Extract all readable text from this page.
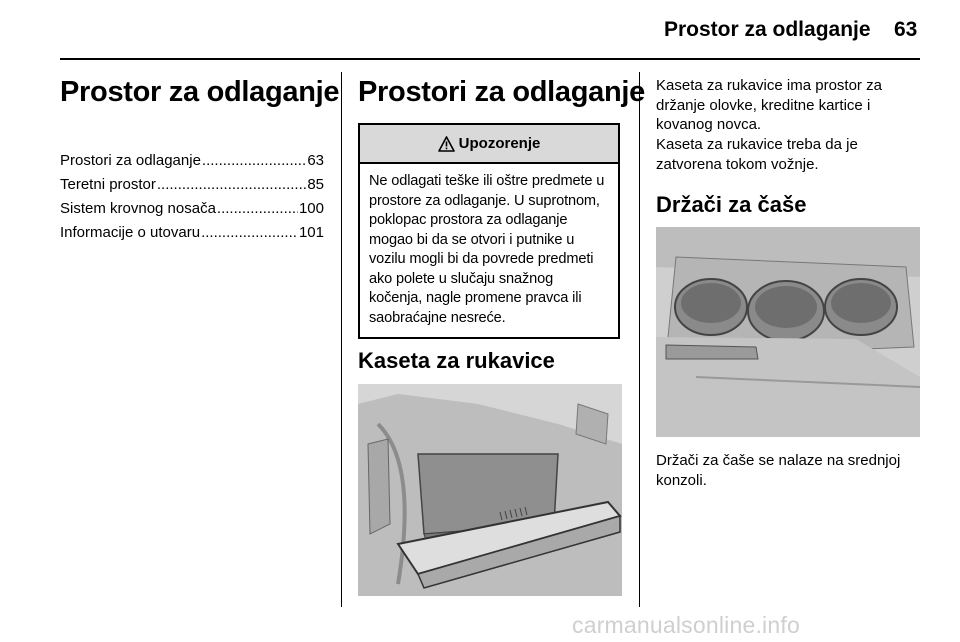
Prostor za odlaganje 63
Prostor za odlaganje
Prostori za odlaganje .....	63
Teretni prostor .....	85
Sistem krovnog nosača .....	100
Informacije o utovaru .....	101
Prostori za odlaganje
Upozorenje
Ne odlagati teške ili oštre predmete u prostore za odlaganje. U suprotnom, poklopac prostora za odlaganje mogao bi da se otvori i putnike u vozilu mogli bi da povrede predmeti ako polete u slučaju snažnog kočenja, nagle promene pravca ili saobraćajne nesreće.
Kaseta za rukavice

Kaseta za rukavice ima prostor za držanje olovke, kreditne kartice i kovanog novca.

Kaseta za rukavice treba da je zatvorena tokom vožnje.

Držači za čaše

Držači za čaše se nalaze na srednjoj konzoli.

carmanualsonline.info
